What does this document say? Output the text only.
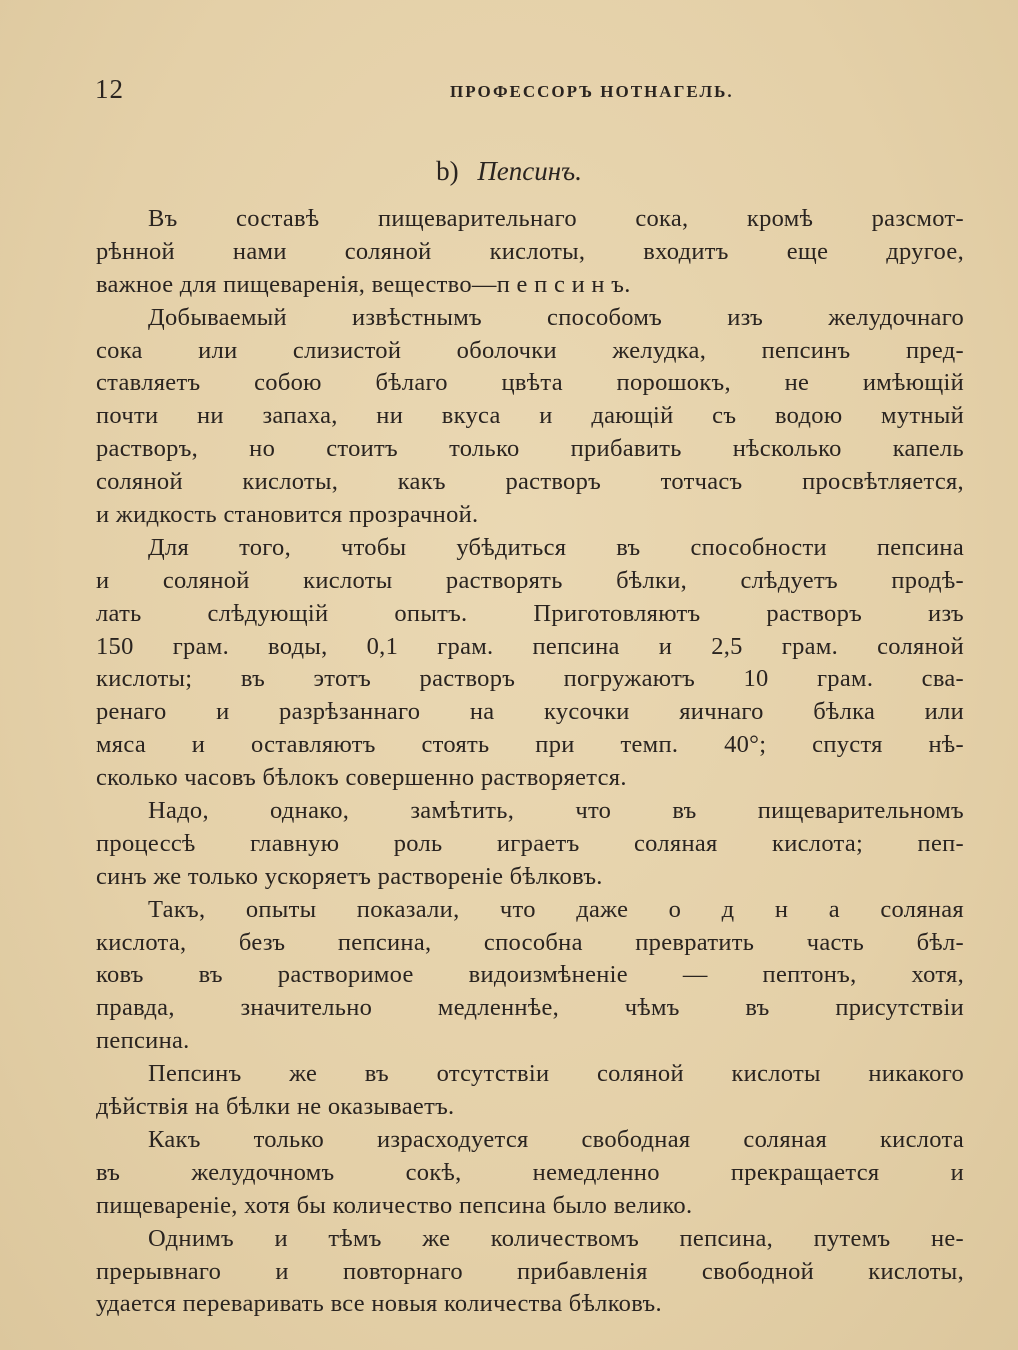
12	ПРОФЕССОРЪ НОТНАГЕЛЬ.
b) Пепсинъ.
Въ составѣ пищеварительнаго сока, кромѣ разсмот-
рѣнной нами соляной кислоты, входитъ еще другое,
важное для пищеваренія, вещество—п е п с и н ъ.
Добываемый извѣстнымъ способомъ изъ желудочнаго
сока или слизистой оболочки желудка, пепсинъ пред-
ставляетъ собою бѣлаго цвѣта порошокъ, не имѣющій
почти ни запаха, ни вкуса и дающій съ водою мутный
растворъ, но стоитъ только прибавить нѣсколько капель
соляной кислоты, какъ растворъ тотчасъ просвѣтляется,
и жидкость становится прозрачной.
Для того, чтобы убѣдиться въ способности пепсина
и соляной кислоты растворять бѣлки, слѣдуетъ продѣ-
лать слѣдующій опытъ. Приготовляютъ растворъ изъ
150 грам. воды, 0,1 грам. пепсина и 2,5 грам. соляной
кислоты; въ этотъ растворъ погружаютъ 10 грам. сва-
ренаго и разрѣзаннаго на кусочки яичнаго бѣлка или
мяса и оставляютъ стоять при темп. 40°; спустя нѣ-
сколько часовъ бѣлокъ совершенно растворяется.
Надо, однако, замѣтить, что въ пищеварительномъ
процессѣ главную роль играетъ соляная кислота; пеп-
синъ же только ускоряетъ раствореніе бѣлковъ.
Такъ, опыты показали, что даже о д н а соляная
кислота, безъ пепсина, способна превратить часть бѣл-
ковъ въ растворимое видоизмѣненіе — пептонъ, хотя,
правда, значительно медленнѣе, чѣмъ въ присутствіи
пепсина.
Пепсинъ же въ отсутствіи соляной кислоты никакого
дѣйствія на бѣлки не оказываетъ.
Какъ только израсходуется свободная соляная кислота
въ желудочномъ сокѣ, немедленно прекращается и
пищевареніе, хотя бы количество пепсина было велико.
Однимъ и тѣмъ же количествомъ пепсина, путемъ не-
прерывнаго и повторнаго прибавленія свободной кислоты,
удается переваривать все новыя количества бѣлковъ.
